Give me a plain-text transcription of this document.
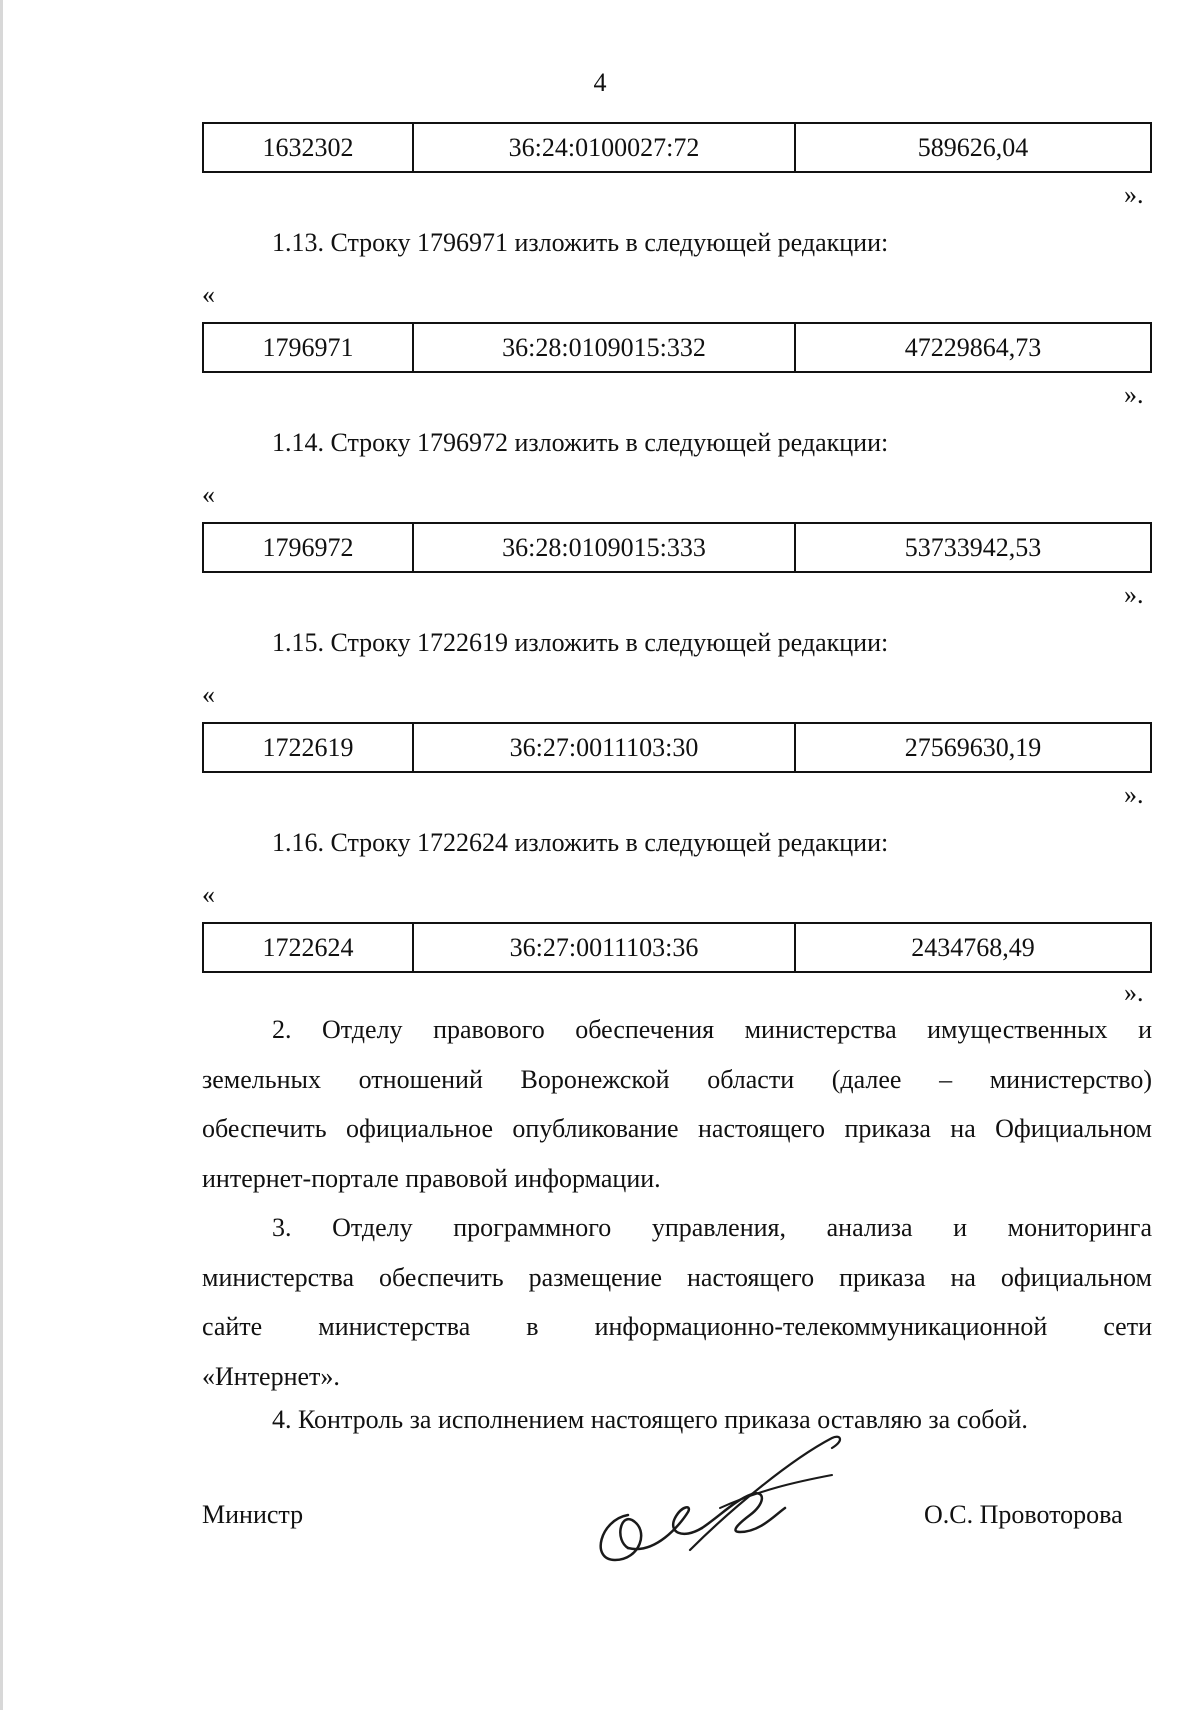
4
1632302	36:24:0100027:72	589626,04
».
1.13. Строку 1796971 изложить в следующей редакции:
«
1796971	36:28:0109015:332	47229864,73
».
1.14. Строку 1796972 изложить в следующей редакции:
«
1796972	36:28:0109015:333	53733942,53
».
1.15. Строку 1722619 изложить в следующей редакции:
«
1722619	36:27:0011103:30	27569630,19
».
1.16. Строку 1722624 изложить в следующей редакции:
«
1722624	36:27:0011103:36	2434768,49
».
2. Отделу правового обеспечения министерства имущественных и
земельных отношений Воронежской области (далее – министерство)
обеспечить официальное опубликование настоящего приказа на Официальном
интернет-портале правовой информации.
3. Отделу программного управления, анализа и мониторинга
министерства обеспечить размещение настоящего приказа на официальном
сайте министерства в информационно-телекоммуникационной сети
«Интернет».
4. Контроль за исполнением настоящего приказа оставляю за собой.
Министр	О.С. Провоторова
